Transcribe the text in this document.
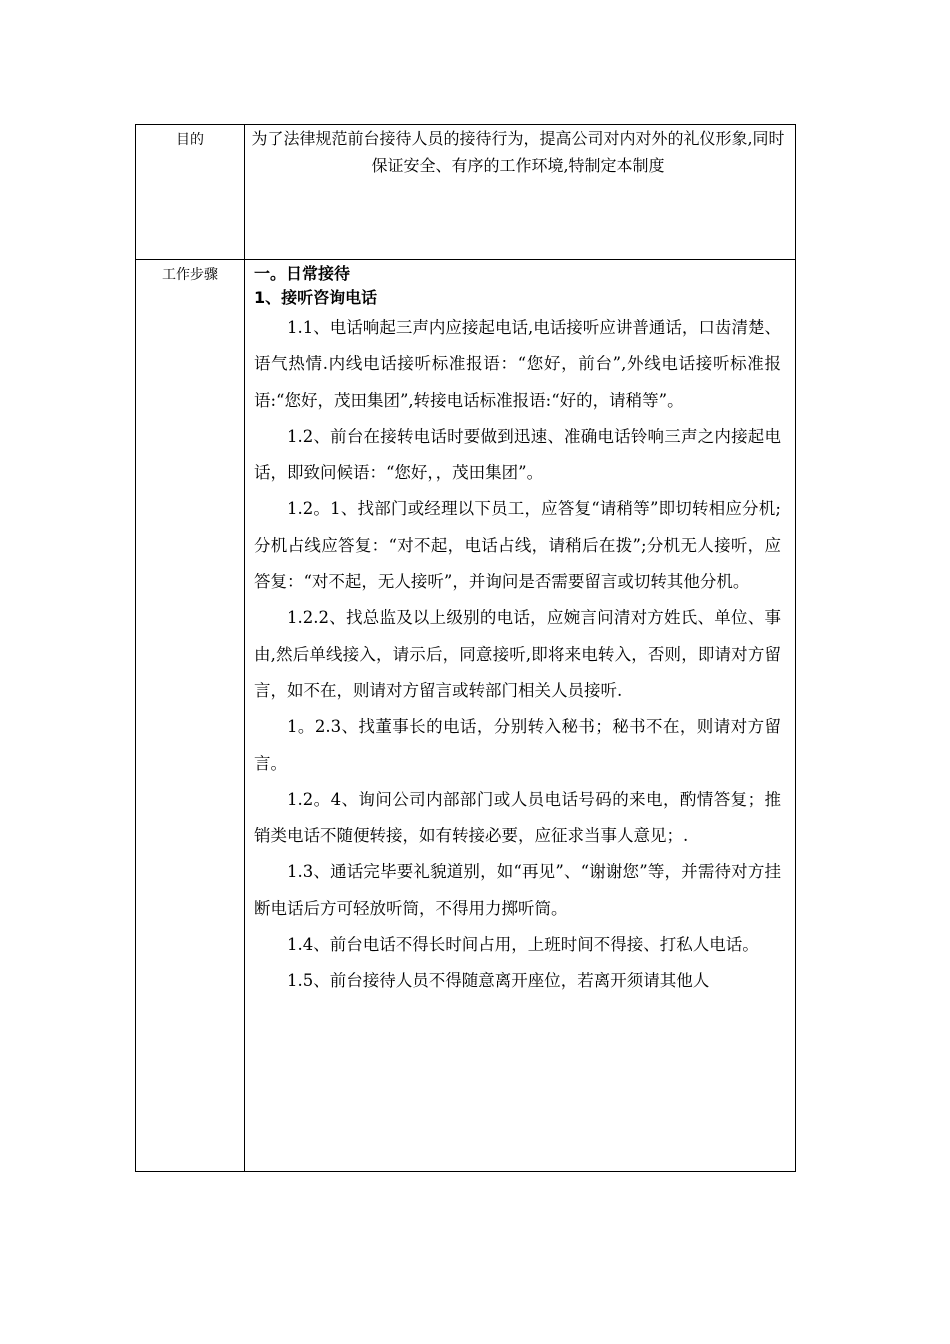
目的	为了法律规范前台接待人员的接待行为，提高公司对内对外的礼仪形象,同时保证安全、有序的工作环境,特制定本制度
工作步骤	一。日常接待

1、接听咨询电话

1.1、电话响起三声内应接起电话,电话接听应讲普通话，口齿清楚、语气热情.内线电话接听标准报语：“您好，前台”,外线电话接听标准报语:“您好，茂田集团”,转接电话标准报语:“好的，请稍等”。

1.2、前台在接转电话时要做到迅速、准确电话铃响三声之内接起电话，即致问候语：“您好，，茂田集团”。

1.2。1、找部门或经理以下员工，应答复“请稍等”即切转相应分机;分机占线应答复：“对不起，电话占线，请稍后在拨”;分机无人接听，应答复：“对不起，无人接听”，并询问是否需要留言或切转其他分机。

1.2.2、找总监及以上级别的电话，应婉言问清对方姓氏、单位、事由,然后单线接入，请示后，同意接听,即将来电转入，否则，即请对方留言，如不在，则请对方留言或转部门相关人员接听.

1。2.3、找董事长的电话，分别转入秘书；秘书不在，则请对方留言。

1.2。4、询问公司内部部门或人员电话号码的来电，酌情答复；推销类电话不随便转接，如有转接必要，应征求当事人意见；.

1.3、通话完毕要礼貌道别，如“再见”、“谢谢您”等，并需待对方挂断电话后方可轻放听筒，不得用力掷听筒。

1.4、前台电话不得长时间占用，上班时间不得接、打私人电话。

1.5、前台接待人员不得随意离开座位，若离开须请其他人
